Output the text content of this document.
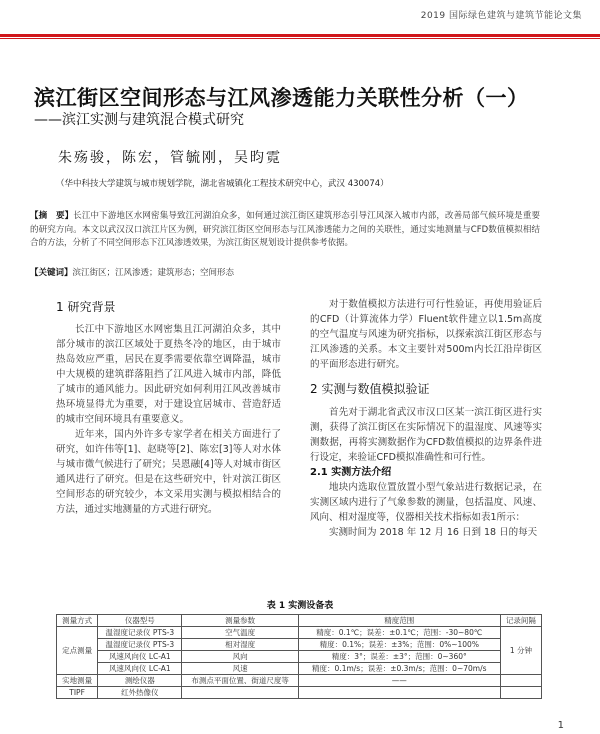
2019 国际绿色建筑与建筑节能论文集
滨江街区空间形态与江风渗透能力关联性分析（一）
——滨江实测与建筑混合模式研究
朱殇骏，陈宏，管毓刚，吴昀霓
（华中科技大学建筑与城市规划学院，湖北省城镇化工程技术研究中心，武汉 430074）
【摘　要】长江中下游地区水网密集导致江河湖泊众多，如何通过滨江街区建筑形态引导江风深入城市内部，改善局部气候环境是重要的研究方向。本文以武汉汉口滨江片区为例，研究滨江街区空间形态与江风渗透能力之间的关联性，通过实地测量与CFD数值模拟相结合的方法，分析了不同空间形态下江风渗透效果，为滨江街区规划设计提供参考依据。
【关键词】滨江街区；江风渗透；建筑形态；空间形态
1 研究背景

长江中下游地区水网密集且江河湖泊众多，其中部分城市的滨江区域处于夏热冬冷的地区，由于城市热岛效应严重，居民在夏季需要依靠空调降温，城市中大规模的建筑群落阻挡了江风进入城市内部，降低了城市的通风能力。因此研究如何利用江风改善城市热环境显得尤为重要，对于建设宜居城市、营造舒适的城市空间环境具有重要意义。

近年来，国内外许多专家学者在相关方面进行了研究，如许伟等[1]、赵晓等[2]、陈宏[3]等人对水体与城市微气候进行了研究；吴恩融[4]等人对城市街区通风进行了研究。但是在这些研究中，针对滨江街区空间形态的研究较少，本文采用实测与模拟相结合的方法，通过实地测量的方式进行研究。

对于数值模拟方法进行可行性验证，再使用验证后的CFD（计算流体力学）Fluent软件建立以1.5m高度的空气温度与风速为研究指标，以探索滨江街区形态与江风渗透的关系。本文主要针对500m内长江沿岸街区的平面形态进行研究。

2 实测与数值模拟验证

首先对于湖北省武汉市汉口区某一滨江街区进行实测，获得了滨江街区在实际情况下的温湿度、风速等实测数据，再将实测数据作为CFD数值模拟的边界条件进行设定，来验证CFD模拟准确性和可行性。

2.1 实测方法介绍

地块内选取位置放置小型气象站进行数据记录，在实测区域内进行了气象参数的测量，包括温度、风速、风向、相对湿度等，仪器相关技术指标如表1所示：

实测时间为 2018 年 12 月 16 日到 18 日的每天

表 1 实测设备表
测量方式	仪器型号	测量参数	精度范围	记录间隔
定点测量	温湿度记录仪 PTS-3	空气温度	精度：0.1℃；误差：±0.1℃；范围：-30~80℃	1 分钟
	温湿度记录仪 PTS-3	相对湿度	精度：0.1%；误差：±3%；范围：0%~100%	
	风速风向仪 LC-A1	风向	精度：3°；误差：±3°；范围：0~360°	
	风速风向仪 LC-A1	风速	精度：0.1m/s；误差：±0.3m/s；范围：0~70m/s	
实地测量	测绘仪器	布测点平面位置、街道尺度等	——	
TIPF	红外热像仪			
1
